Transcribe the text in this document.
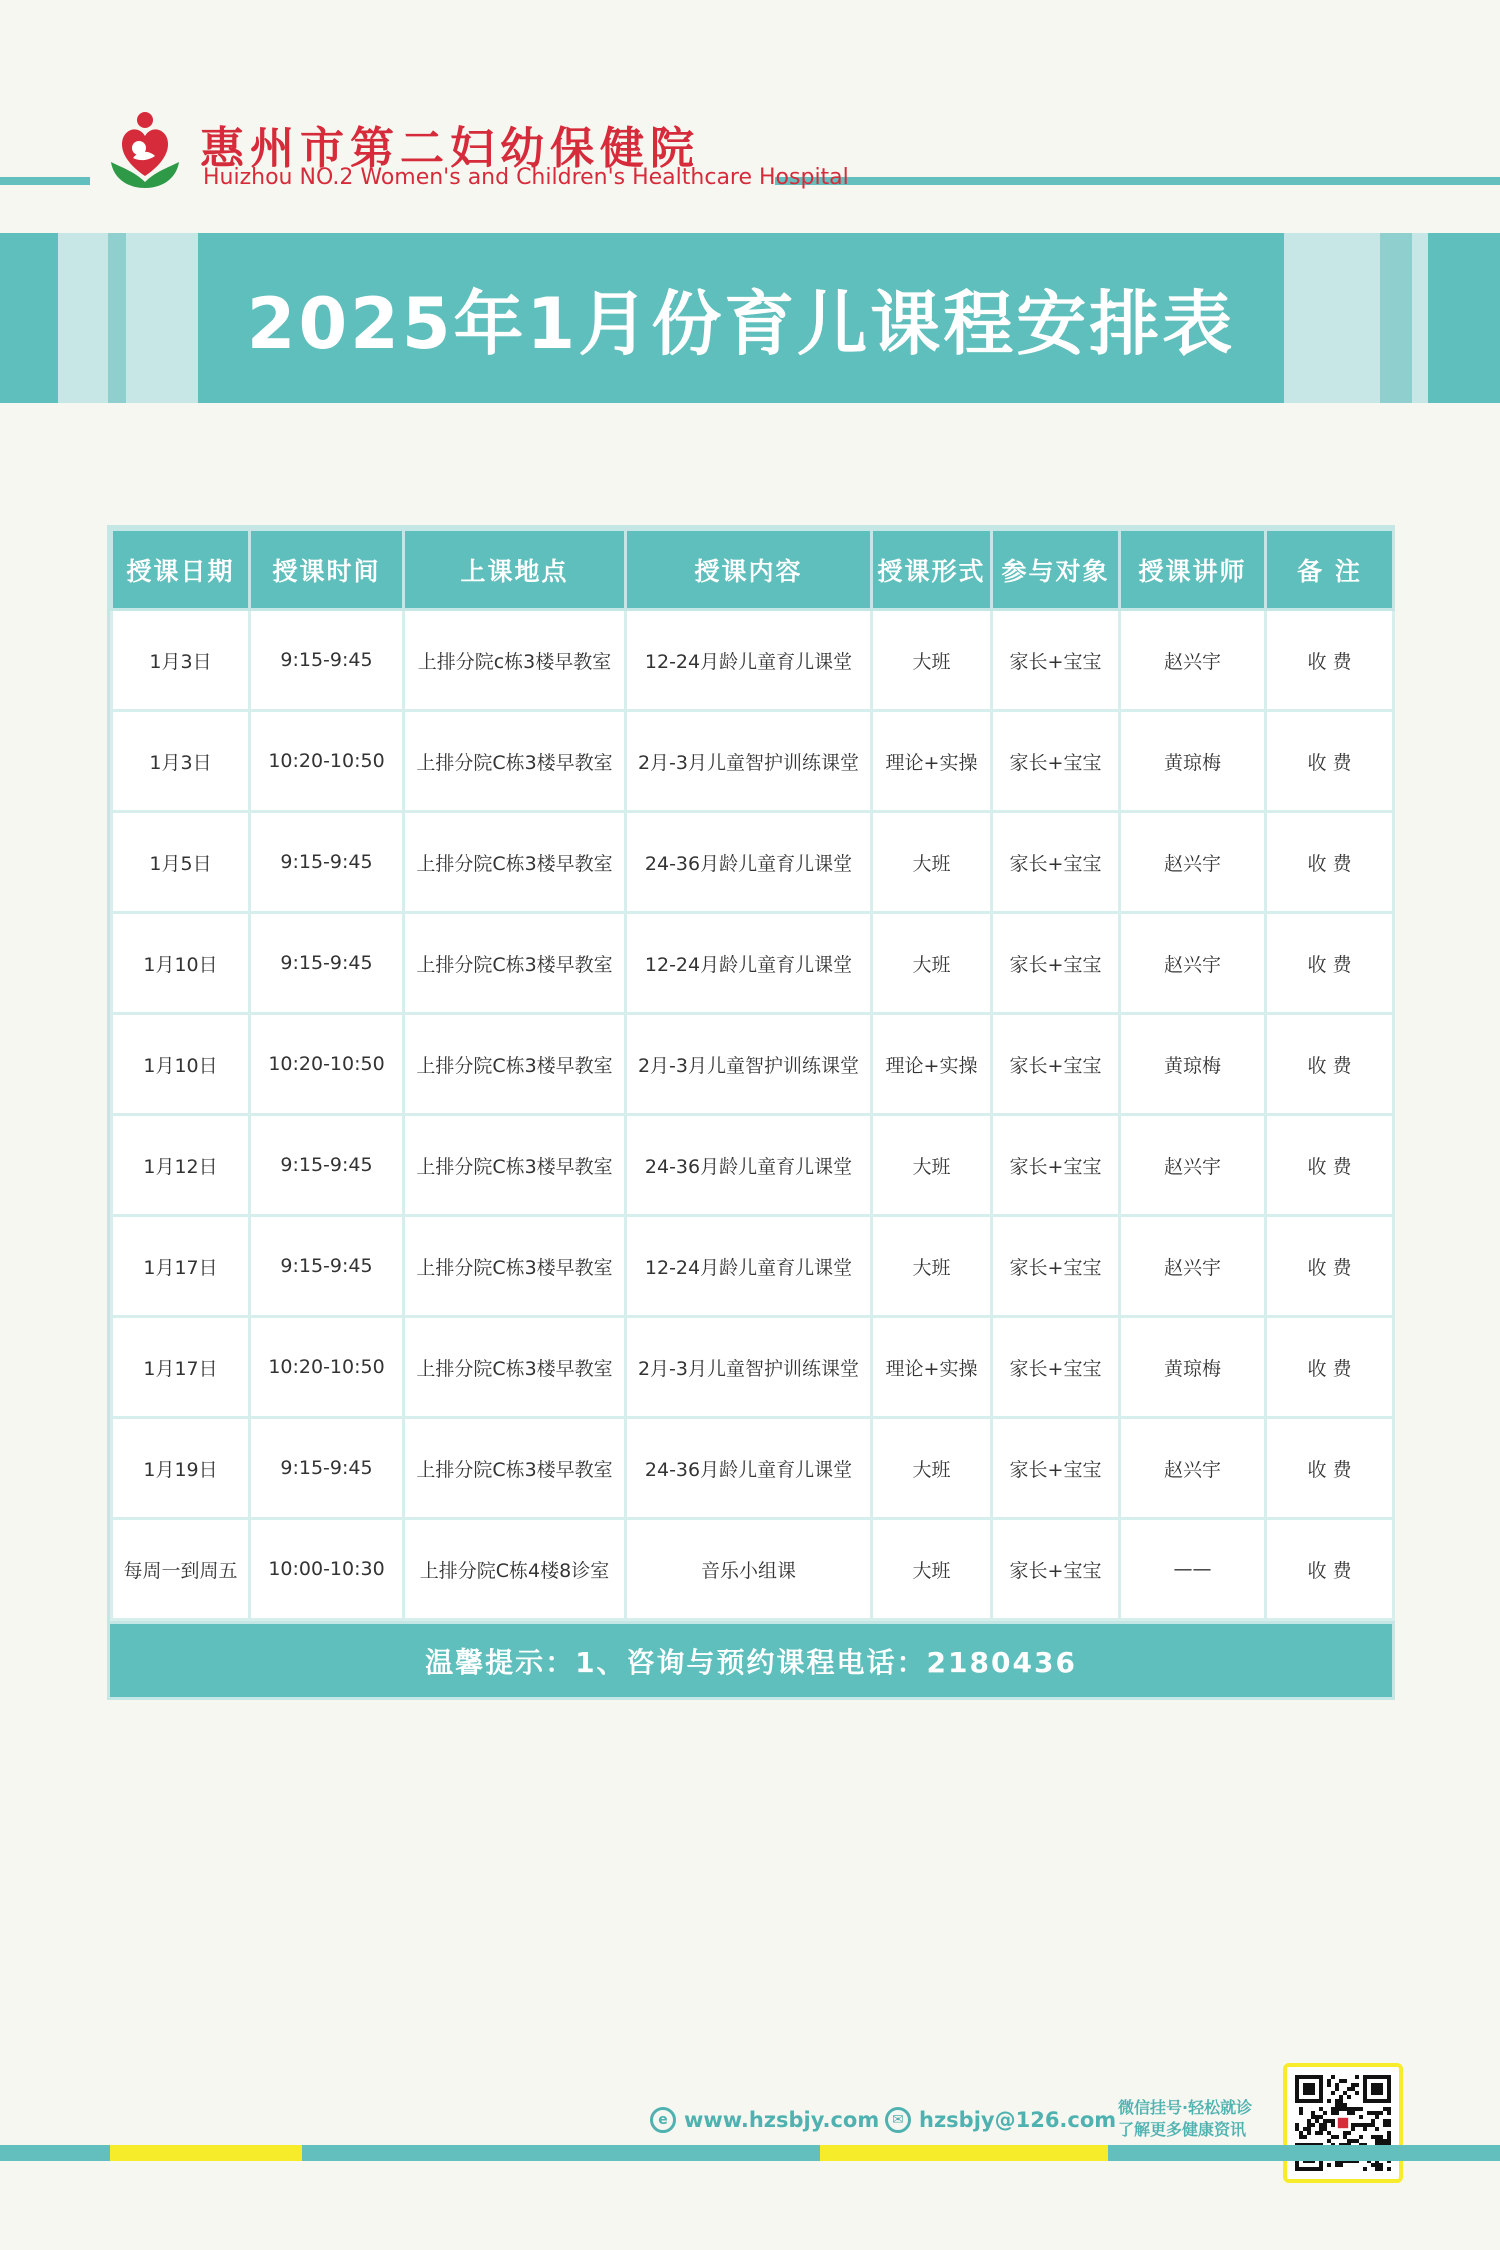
惠州市第二妇幼保健院
Huizhou NO.2 Women's and Children's Healthcare Hospital
2025年1月份育儿课程安排表
授课日期	授课时间	上课地点	授课内容	授课形式	参与对象	授课讲师	备 注
1月3日	9:15-9:45	上排分院c栋3楼早教室	12-24月龄儿童育儿课堂	大班	家长+宝宝	赵兴宇	收 费
1月3日	10:20-10:50	上排分院C栋3楼早教室	2月-3月儿童智护训练课堂	理论+实操	家长+宝宝	黄琼梅	收 费
1月5日	9:15-9:45	上排分院C栋3楼早教室	24-36月龄儿童育儿课堂	大班	家长+宝宝	赵兴宇	收 费
1月10日	9:15-9:45	上排分院C栋3楼早教室	12-24月龄儿童育儿课堂	大班	家长+宝宝	赵兴宇	收 费
1月10日	10:20-10:50	上排分院C栋3楼早教室	2月-3月儿童智护训练课堂	理论+实操	家长+宝宝	黄琼梅	收 费
1月12日	9:15-9:45	上排分院C栋3楼早教室	24-36月龄儿童育儿课堂	大班	家长+宝宝	赵兴宇	收 费
1月17日	9:15-9:45	上排分院C栋3楼早教室	12-24月龄儿童育儿课堂	大班	家长+宝宝	赵兴宇	收 费
1月17日	10:20-10:50	上排分院C栋3楼早教室	2月-3月儿童智护训练课堂	理论+实操	家长+宝宝	黄琼梅	收 费
1月19日	9:15-9:45	上排分院C栋3楼早教室	24-36月龄儿童育儿课堂	大班	家长+宝宝	赵兴宇	收 费
每周一到周五	10:00-10:30	上排分院C栋4楼8诊室	音乐小组课	大班	家长+宝宝	——	收 费
温馨提示：1、咨询与预约课程电话：2180436
e www.hzsbjy.com ✉ hzsbjy@126.com
微信挂号·轻松就诊
了解更多健康资讯
